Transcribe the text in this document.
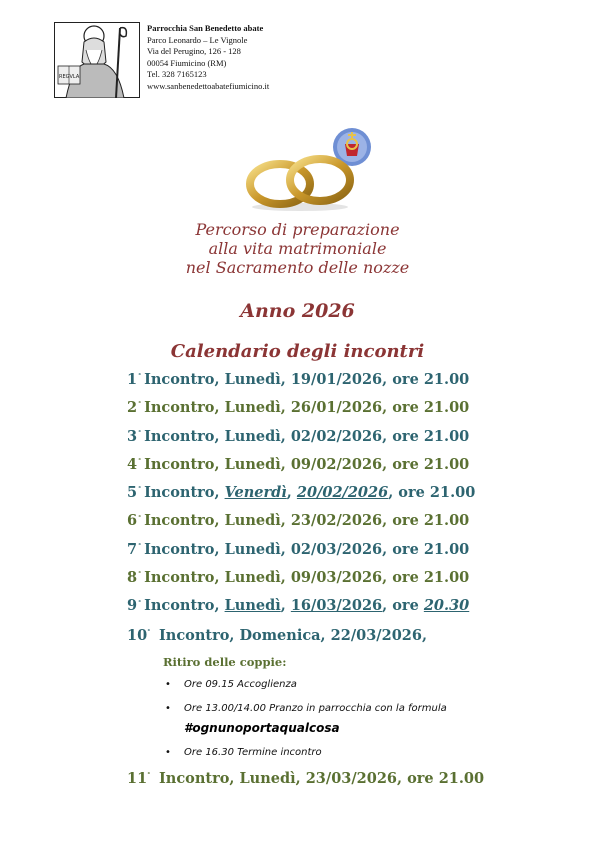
REGVLA
Parrocchia San Benedetto abate
Parco Leonardo – Le Vignole
Via del Perugino, 126 - 128
00054 Fiumicino (RM)
Tel. 328 7165123
www.sanbenedettoabatefiumicino.it
Percorso di preparazione
alla vita matrimoniale
nel Sacramento delle nozze
Anno 2026
Calendario degli incontri
1° Incontro, Lunedì, 19/01/2026, ore 21.00
2° Incontro, Lunedì, 26/01/2026, ore 21.00
3° Incontro, Lunedì, 02/02/2026, ore 21.00
4° Incontro, Lunedì, 09/02/2026, ore 21.00
5° Incontro, Venerdì, 20/02/2026, ore 21.00
6° Incontro, Lunedì, 23/02/2026, ore 21.00
7° Incontro, Lunedì, 02/03/2026, ore 21.00
8° Incontro, Lunedì, 09/03/2026, ore 21.00
9° Incontro, Lunedì, 16/03/2026, ore 20.30
10° Incontro, Domenica, 22/03/2026,
Ritiro delle coppie:
• Ore 09.15 Accoglienza
• Ore 13.00/14.00 Pranzo in parrocchia con la formula
#ognunoportaqualcosa
• Ore 16.30 Termine incontro
11° Incontro, Lunedì, 23/03/2026, ore 21.00
